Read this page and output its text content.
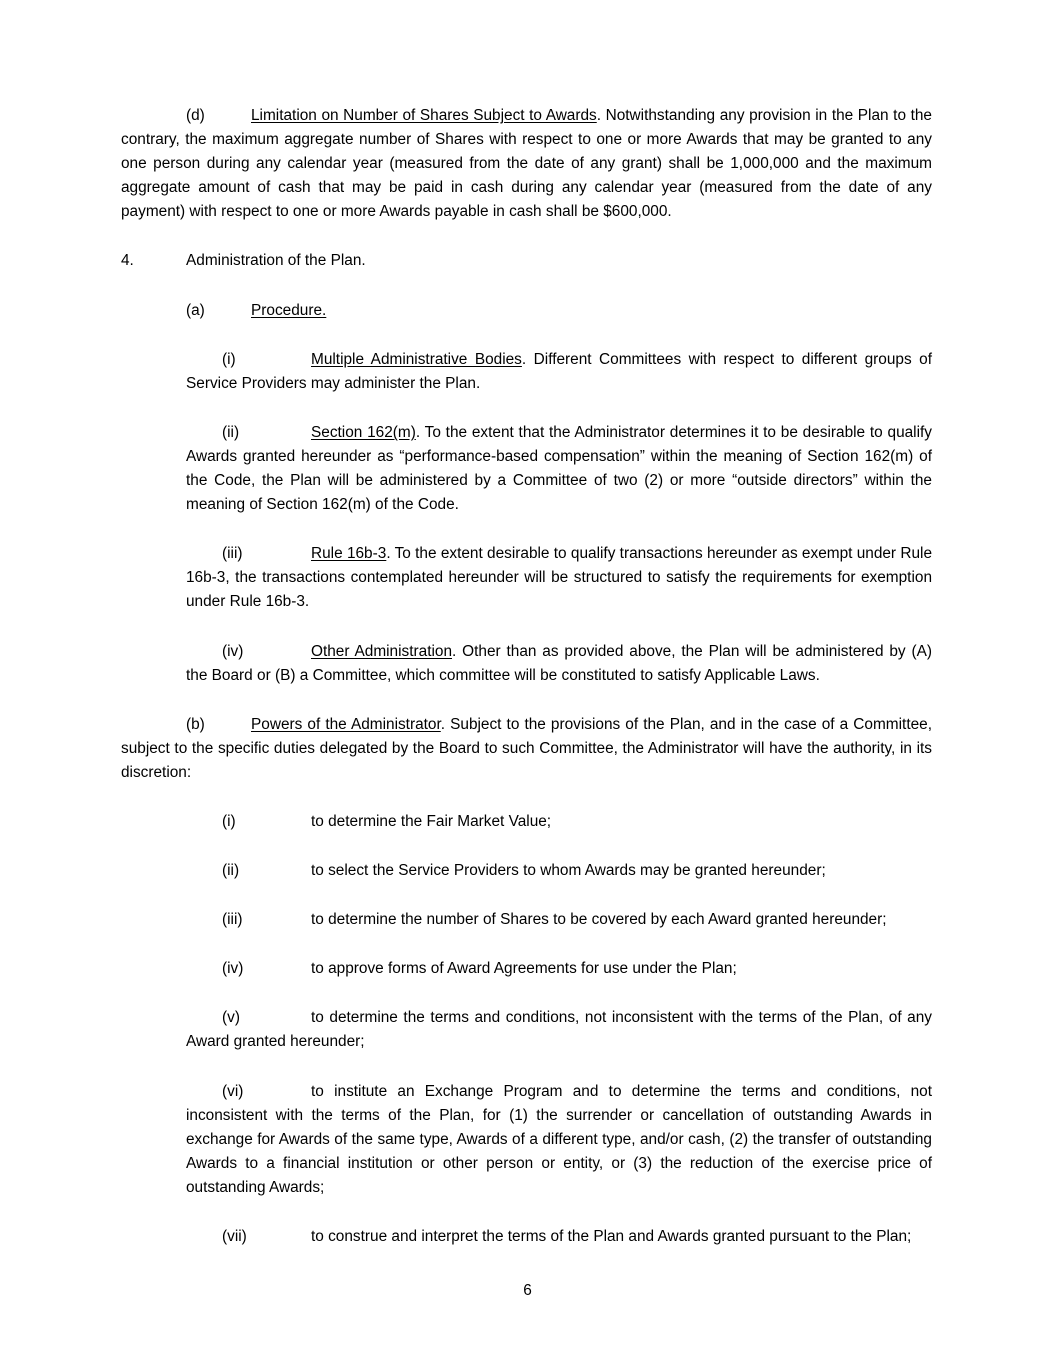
(d)	Limitation on Number of Shares Subject to Awards. Notwithstanding any provision in the Plan to the contrary, the maximum aggregate number of Shares with respect to one or more Awards that may be granted to any one person during any calendar year (measured from the date of any grant) shall be 1,000,000 and the maximum aggregate amount of cash that may be paid in cash during any calendar year (measured from the date of any payment) with respect to one or more Awards payable in cash shall be $600,000.

4.	Administration of the Plan.

(a)	Procedure.

(i)	Multiple Administrative Bodies. Different Committees with respect to different groups of Service Providers may administer the Plan.

(ii)	Section 162(m). To the extent that the Administrator determines it to be desirable to qualify Awards granted hereunder as “performance-based compensation” within the meaning of Section 162(m) of the Code, the Plan will be administered by a Committee of two (2) or more “outside directors” within the meaning of Section 162(m) of the Code.

(iii)	Rule 16b-3. To the extent desirable to qualify transactions hereunder as exempt under Rule 16b-3, the transactions contemplated hereunder will be structured to satisfy the requirements for exemption under Rule 16b-3.

(iv)	Other Administration. Other than as provided above, the Plan will be administered by (A) the Board or (B) a Committee, which committee will be constituted to satisfy Applicable Laws.

(b)	Powers of the Administrator. Subject to the provisions of the Plan, and in the case of a Committee, subject to the specific duties delegated by the Board to such Committee, the Administrator will have the authority, in its discretion:

(i)	to determine the Fair Market Value;

(ii)	to select the Service Providers to whom Awards may be granted hereunder;

(iii)	to determine the number of Shares to be covered by each Award granted hereunder;

(iv)	to approve forms of Award Agreements for use under the Plan;

(v)	to determine the terms and conditions, not inconsistent with the terms of the Plan, of any Award granted hereunder;

(vi)	to institute an Exchange Program and to determine the terms and conditions, not inconsistent with the terms of the Plan, for (1) the surrender or cancellation of outstanding Awards in exchange for Awards of the same type, Awards of a different type, and/or cash, (2) the transfer of outstanding Awards to a financial institution or other person or entity, or (3) the reduction of the exercise price of outstanding Awards;

(vii)	to construe and interpret the terms of the Plan and Awards granted pursuant to the Plan;

6
